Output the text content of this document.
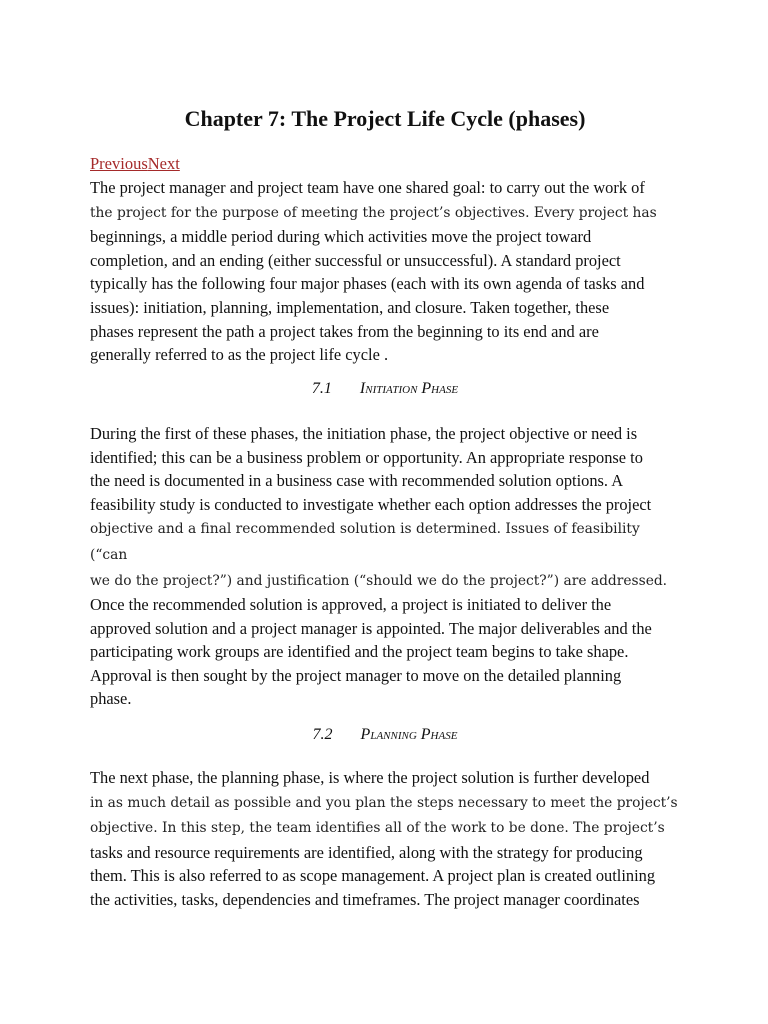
Chapter 7: The Project Life Cycle (phases)
PreviousNext

The project manager and project team have one shared goal: to carry out the work of
the project for the purpose of meeting the project’s objectives. Every project has
beginnings, a middle period during which activities move the project toward
completion, and an ending (either successful or unsuccessful). A standard project
typically has the following four major phases (each with its own agenda of tasks and
issues): initiation, planning, implementation, and closure. Taken together, these
phases represent the path a project takes from the beginning to its end and are
generally referred to as the project life cycle .

7.1 Initiation Phase

During the first of these phases, the initiation phase, the project objective or need is
identified; this can be a business problem or opportunity. An appropriate response to
the need is documented in a business case with recommended solution options. A
feasibility study is conducted to investigate whether each option addresses the project
objective and a final recommended solution is determined. Issues of feasibility (“can
we do the project?”) and justification (“should we do the project?”) are addressed.

Once the recommended solution is approved, a project is initiated to deliver the
approved solution and a project manager is appointed. The major deliverables and the
participating work groups are identified and the project team begins to take shape.
Approval is then sought by the project manager to move on the detailed planning
phase.

7.2 Planning Phase

The next phase, the planning phase, is where the project solution is further developed
in as much detail as possible and you plan the steps necessary to meet the project’s
objective. In this step, the team identifies all of the work to be done. The project’s
tasks and resource requirements are identified, along with the strategy for producing
them. This is also referred to as scope management. A project plan is created outlining
the activities, tasks, dependencies and timeframes. The project manager coordinates
